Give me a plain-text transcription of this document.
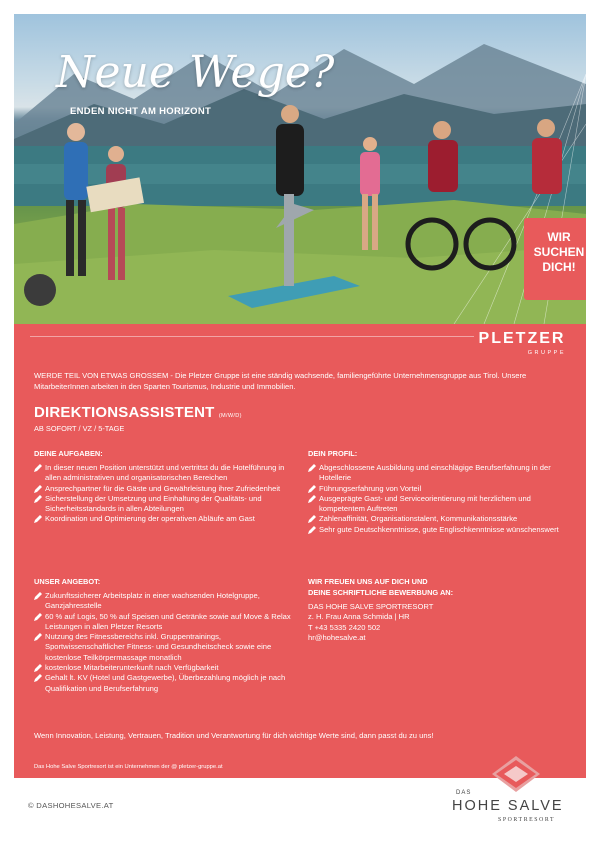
Neue Wege?
ENDEN NICHT AM HORIZONT
WIR
SUCHEN
DICH!
PLETZER
GRUPPE

WERDE TEIL VON ETWAS GROSSEM - Die Pletzer Gruppe ist eine ständig wachsende, familiengeführte Unternehmensgruppe aus Tirol. Unsere MitarbeiterInnen arbeiten in den Sparten Tourismus, Industrie und Immobilien.

DIREKTIONSASSISTENT (M/W/D)
AB SOFORT / VZ / 5-TAGE
DEINE AUFGABEN:
In dieser neuen Position unterstützt und vertrittst du die Hotelführung in allen administrativen und organisatorischen Bereichen
Ansprechpartner für die Gäste und Gewährleistung ihrer Zufriedenheit
Sicherstellung der Umsetzung und Einhaltung der Qualitäts- und Sicherheitsstandards in allen Abteilungen
Koordination und Optimierung der operativen Abläufe am Gast
DEIN PROFIL:
Abgeschlossene Ausbildung und einschlägige Berufserfahrung in der Hotellerie
Führungserfahrung von Vorteil
Ausgeprägte Gast- und Serviceorientierung mit herzlichem und kompetentem Auftreten
Zahlenaffinität, Organisationstalent, Kommunikationsstärke
Sehr gute Deutschkenntnisse, gute Englischkenntnisse wünschenswert
UNSER ANGEBOT:
Zukunftssicherer Arbeitsplatz in einer wachsenden Hotelgruppe, Ganzjahresstelle
60 % auf Logis, 50 % auf Speisen und Getränke sowie auf Move & Relax Leistungen in allen Pletzer Resorts
Nutzung des Fitnessbereichs inkl. Gruppentrainings, Sportwissenschaftlicher Fitness- und Gesundheitscheck sowie eine kostenlose Teilkörpermassage monatlich
kostenlose Mitarbeiterunterkunft nach Verfügbarkeit
Gehalt lt. KV (Hotel und Gastgewerbe), Überbezahlung möglich je nach Qualifikation und Berufserfahrung
WIR FREUEN UNS AUF DICH UND
DEINE SCHRIFTLICHE BEWERBUNG AN:
DAS HOHE SALVE SPORTRESORT
z. H. Frau Anna Schmida | HR
T +43 5335 2420 502
hr@hohesalve.at

Wenn Innovation, Leistung, Vertrauen, Tradition und Verantwortung für dich wichtige Werte sind, dann passt du zu uns!

Das Hohe Salve Sportresort ist ein Unternehmen der @ pletzer-gruppe.at
© DASHOHESALVE.AT
DAS
HOHE SALVE
SPORTRESORT
